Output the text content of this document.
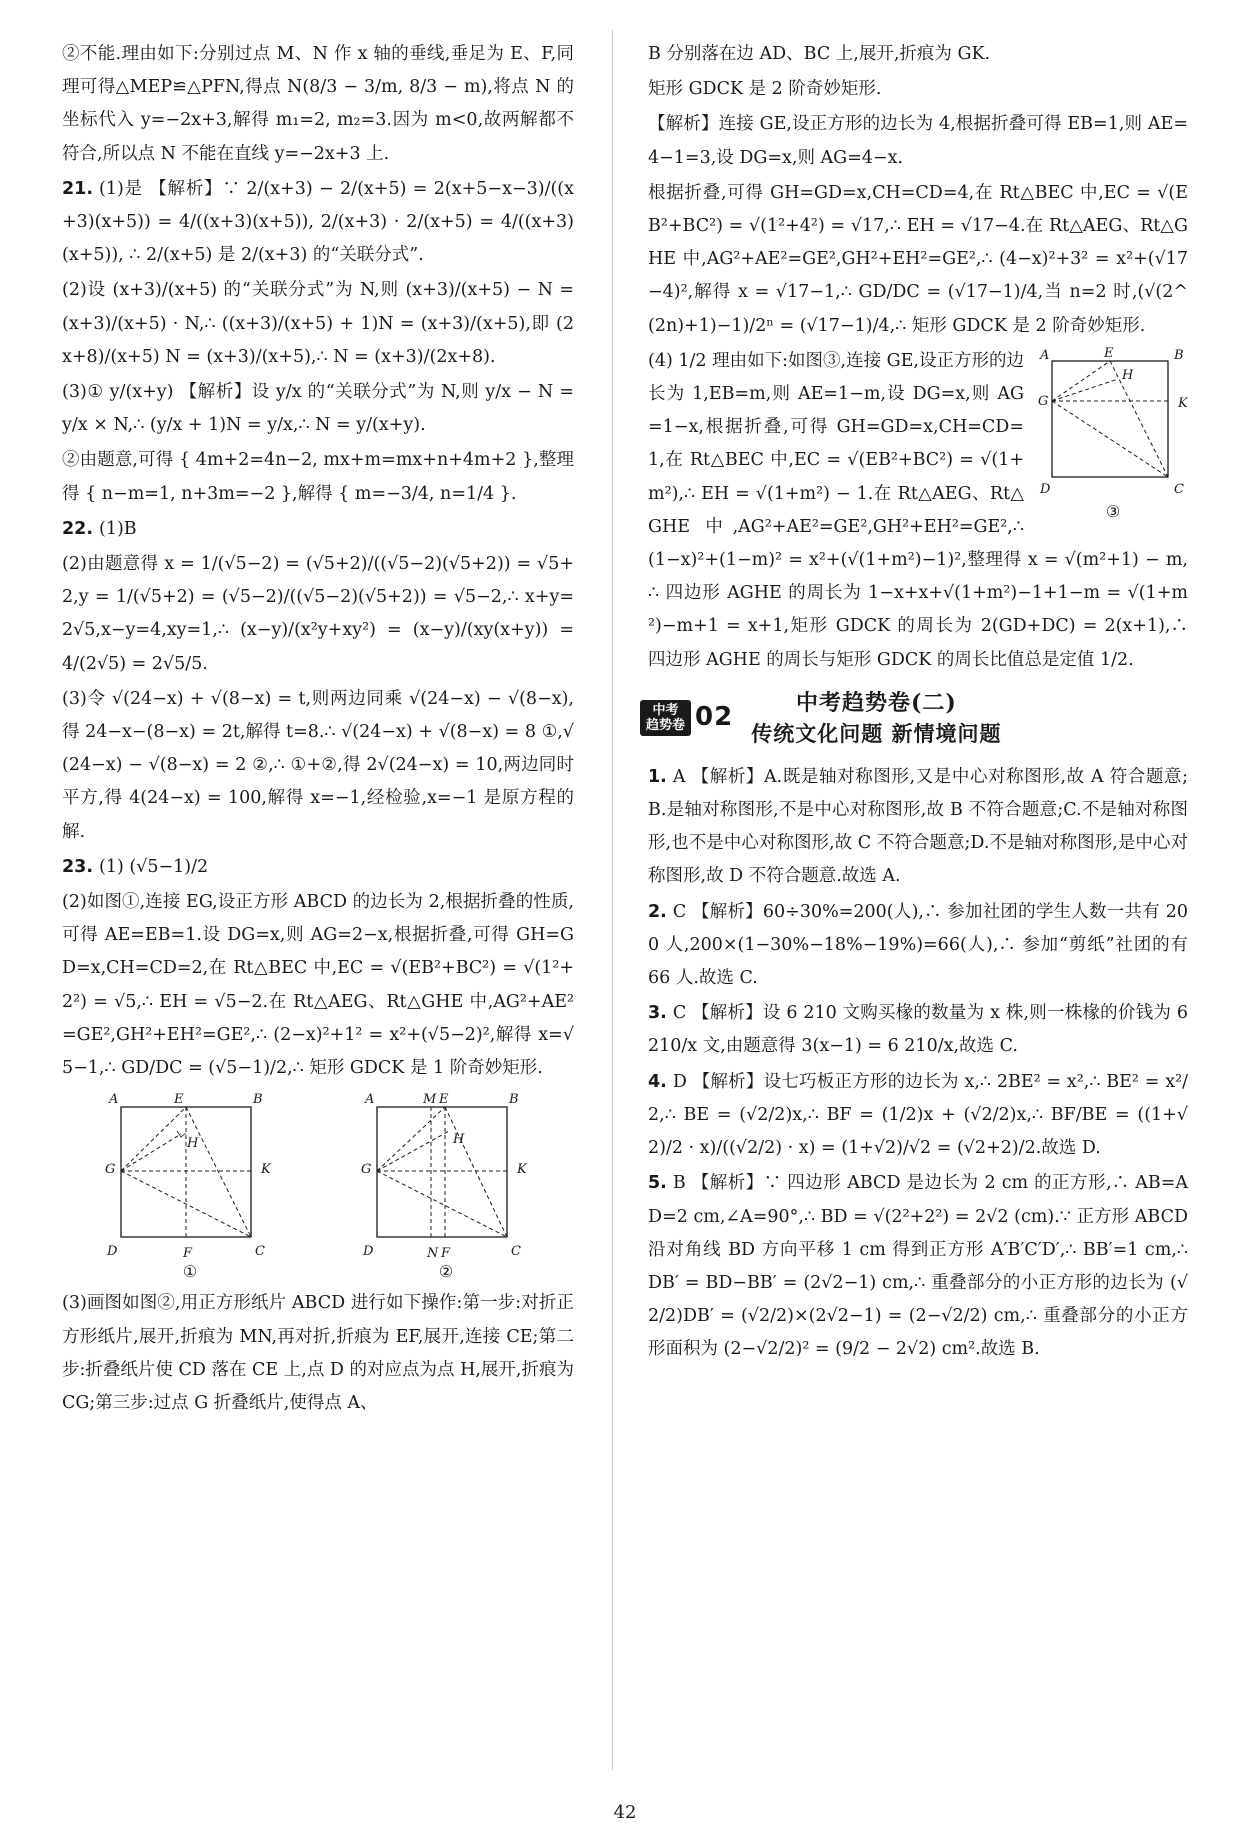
②不能.理由如下:分别过点 M、N 作 x 轴的垂线,垂足为 E、F,同理可得△MEP≌△PFN,得点 N(8/3 − 3/m, 8/3 − m),将点 N 的坐标代入 y=−2x+3,解得 m₁=2, m₂=3.因为 m<0,故两解都不符合,所以点 N 不能在直线 y=−2x+3 上.

21. (1)是 【解析】∵ 2/(x+3) − 2/(x+5) = 2(x+5−x−3)/((x+3)(x+5)) = 4/((x+3)(x+5)), 2/(x+3) · 2/(x+5) = 4/((x+3)(x+5)), ∴ 2/(x+5) 是 2/(x+3) 的“关联分式”.

(2)设 (x+3)/(x+5) 的“关联分式”为 N,则 (x+3)/(x+5) − N = (x+3)/(x+5) · N,∴ ((x+3)/(x+5) + 1)N = (x+3)/(x+5),即 (2x+8)/(x+5) N = (x+3)/(x+5),∴ N = (x+3)/(2x+8).

(3)① y/(x+y) 【解析】设 y/x 的“关联分式”为 N,则 y/x − N = y/x × N,∴ (y/x + 1)N = y/x,∴ N = y/(x+y).

②由题意,可得 { 4m+2=4n−2, mx+m=mx+n+4m+2 },整理得 { n−m=1, n+3m=−2 },解得 { m=−3/4, n=1/4 }.

22. (1)B

(2)由题意得 x = 1/(√5−2) = (√5+2)/((√5−2)(√5+2)) = √5+2,y = 1/(√5+2) = (√5−2)/((√5−2)(√5+2)) = √5−2,∴ x+y=2√5,x−y=4,xy=1,∴ (x−y)/(x²y+xy²) = (x−y)/(xy(x+y)) = 4/(2√5) = 2√5/5.

(3)令 √(24−x) + √(8−x) = t,则两边同乘 √(24−x) − √(8−x),得 24−x−(8−x) = 2t,解得 t=8.∴ √(24−x) + √(8−x) = 8 ①,√(24−x) − √(8−x) = 2 ②,∴ ①+②,得 2√(24−x) = 10,两边同时平方,得 4(24−x) = 100,解得 x=−1,经检验,x=−1 是原方程的解.

23. (1) (√5−1)/2

(2)如图①,连接 EG,设正方形 ABCD 的边长为 2,根据折叠的性质,可得 AE=EB=1.设 DG=x,则 AG=2−x,根据折叠,可得 GH=GD=x,CH=CD=2,在 Rt△BEC 中,EC = √(EB²+BC²) = √(1²+2²) = √5,∴ EH = √5−2.在 Rt△AEG、Rt△GHE 中,AG²+AE²=GE²,GH²+EH²=GE²,∴ (2−x)²+1² = x²+(√5−2)²,解得 x=√5−1,∴ GD/DC = (√5−1)/2,∴ 矩形 GDCK 是 1 阶奇妙矩形.

A	E	B
G	K
H
D	F	C
①
A	M E	B
G	K
H
D	N F	C
②

(3)画图如图②,用正方形纸片 ABCD 进行如下操作:第一步:对折正方形纸片,展开,折痕为 MN,再对折,折痕为 EF,展开,连接 CE;第二步:折叠纸片使 CD 落在 CE 上,点 D 的对应点为点 H,展开,折痕为 CG;第三步:过点 G 折叠纸片,使得点 A、

B 分别落在边 AD、BC 上,展开,折痕为 GK.

矩形 GDCK 是 2 阶奇妙矩形.

【解析】连接 GE,设正方形的边长为 4,根据折叠可得 EB=1,则 AE=4−1=3,设 DG=x,则 AG=4−x.

根据折叠,可得 GH=GD=x,CH=CD=4,在 Rt△BEC 中,EC = √(EB²+BC²) = √(1²+4²) = √17,∴ EH = √17−4.在 Rt△AEG、Rt△GHE 中,AG²+AE²=GE²,GH²+EH²=GE²,∴ (4−x)²+3² = x²+(√17−4)²,解得 x = √17−1,∴ GD/DC = (√17−1)/4,当 n=2 时,(√(2^(2n)+1)−1)/2ⁿ = (√17−1)/4,∴ 矩形 GDCK 是 2 阶奇妙矩形.

A	E	B
G	K
H
D	C
③

(4) 1/2 理由如下:如图③,连接 GE,设正方形的边长为 1,EB=m,则 AE=1−m,设 DG=x,则 AG=1−x,根据折叠,可得 GH=GD=x,CH=CD=1,在 Rt△BEC 中,EC = √(EB²+BC²) = √(1+m²),∴ EH = √(1+m²) − 1.在 Rt△AEG、Rt△GHE 中,AG²+AE²=GE²,GH²+EH²=GE²,∴ (1−x)²+(1−m)² = x²+(√(1+m²)−1)²,整理得 x = √(m²+1) − m,∴ 四边形 AGHE 的周长为 1−x+x+√(1+m²)−1+1−m = √(1+m²)−m+1 = x+1,矩形 GDCK 的周长为 2(GD+DC) = 2(x+1),∴ 四边形 AGHE 的周长与矩形 GDCK 的周长比值总是定值 1/2.

中考
趋势卷 02	中考趋势卷(二)
传统文化问题 新情境问题

1. A 【解析】A.既是轴对称图形,又是中心对称图形,故 A 符合题意;B.是轴对称图形,不是中心对称图形,故 B 不符合题意;C.不是轴对称图形,也不是中心对称图形,故 C 不符合题意;D.不是轴对称图形,是中心对称图形,故 D 不符合题意.故选 A.

2. C 【解析】60÷30%=200(人),∴ 参加社团的学生人数一共有 200 人,200×(1−30%−18%−19%)=66(人),∴ 参加“剪纸”社团的有 66 人.故选 C.

3. C 【解析】设 6 210 文购买椽的数量为 x 株,则一株椽的价钱为 6 210/x 文,由题意得 3(x−1) = 6 210/x,故选 C.

4. D 【解析】设七巧板正方形的边长为 x,∴ 2BE² = x²,∴ BE² = x²/2,∴ BE = (√2/2)x,∴ BF = (1/2)x + (√2/2)x,∴ BF/BE = ((1+√2)/2 · x)/((√2/2) · x) = (1+√2)/√2 = (√2+2)/2.故选 D.

5. B 【解析】∵ 四边形 ABCD 是边长为 2 cm 的正方形,∴ AB=AD=2 cm,∠A=90°,∴ BD = √(2²+2²) = 2√2 (cm).∵ 正方形 ABCD 沿对角线 BD 方向平移 1 cm 得到正方形 A′B′C′D′,∴ BB′=1 cm,∴ DB′ = BD−BB′ = (2√2−1) cm,∴ 重叠部分的小正方形的边长为 (√2/2)DB′ = (√2/2)×(2√2−1) = (2−√2/2) cm,∴ 重叠部分的小正方形面积为 (2−√2/2)² = (9/2 − 2√2) cm².故选 B.

42
